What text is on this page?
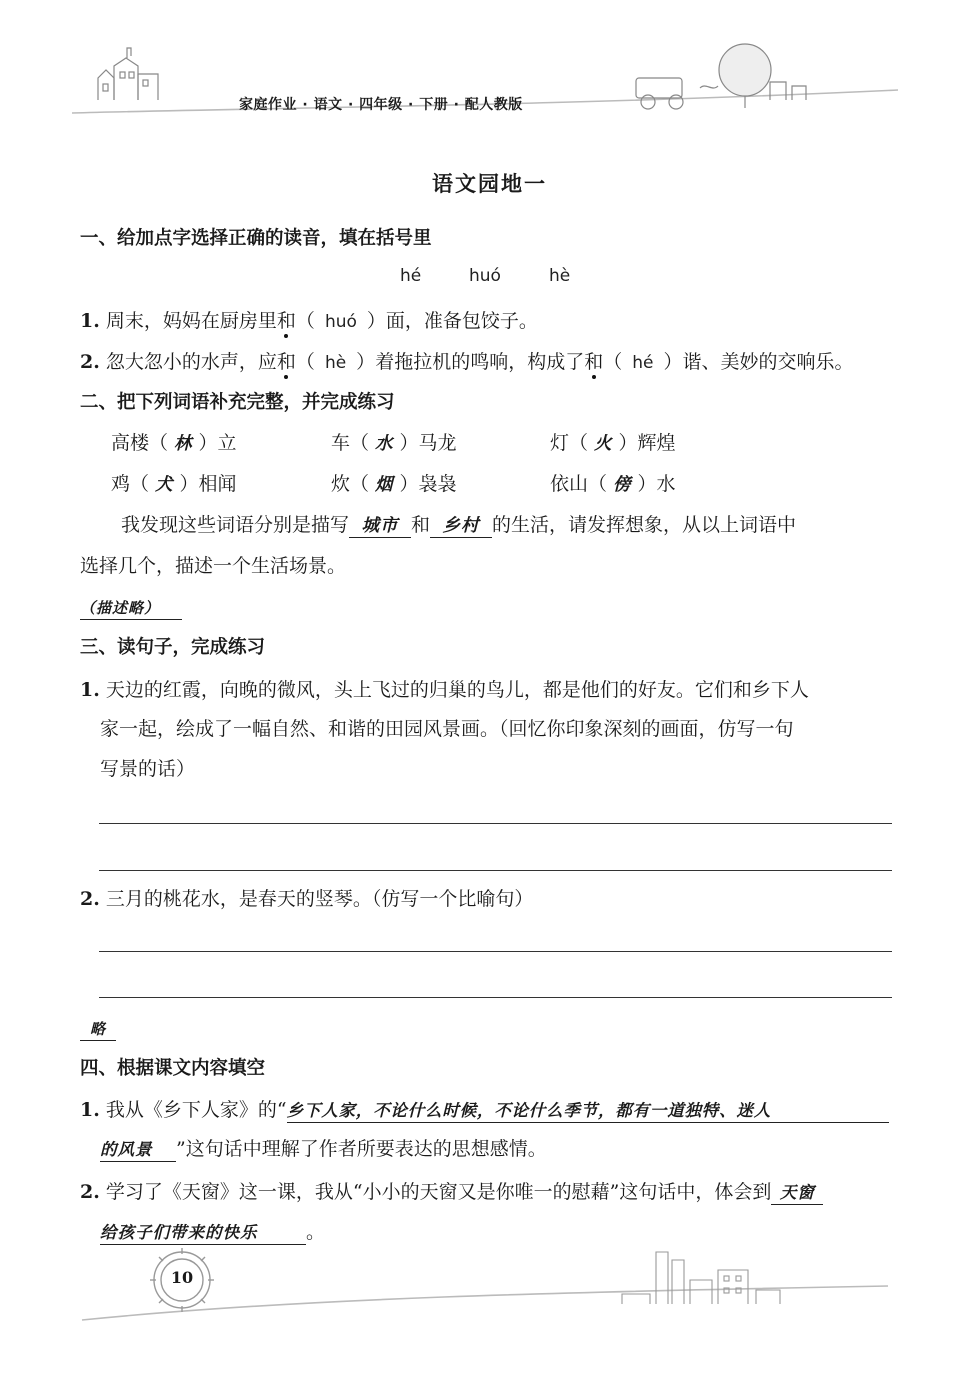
家庭作业 · 语文 · 四年级 · 下册 · 配人教版
语文园地一
一、给加点字选择正确的读音，填在括号里
hé	huó	hè
1. 周末，妈妈在厨房里和（ huó ）面，准备包饺子。
2. 忽大忽小的水声，应和（ hè ）着拖拉机的鸣响，构成了和（ hé ）谐、美妙的交响乐。
二、把下列词语补充完整，并完成练习
高楼（ 林 ）立	车（ 水 ）马龙	灯（ 火 ）辉煌
鸡（ 犬 ）相闻	炊（ 烟 ）袅袅	依山（ 傍 ）水
我发现这些词语分别是描写 城市 和 乡村 的生活，请发挥想象，从以上词语中
选择几个，描述一个生活场景。
（描述略）
三、读句子，完成练习
1. 天边的红霞，向晚的微风，头上飞过的归巢的鸟儿，都是他们的好友。它们和乡下人
家一起，绘成了一幅自然、和谐的田园风景画。（回忆你印象深刻的画面，仿写一句
写景的话）
2. 三月的桃花水，是春天的竖琴。（仿写一个比喻句）
略
四、根据课文内容填空
1. 我从《乡下人家》的“乡下人家，不论什么时候，不论什么季节，都有一道独特、迷人
的风景 ”这句话中理解了作者所要表达的思想感情。
2. 学习了《天窗》这一课，我从“小小的天窗又是你唯一的慰藉”这句话中，体会到 天窗
给孩子们带来的快乐	。
10
